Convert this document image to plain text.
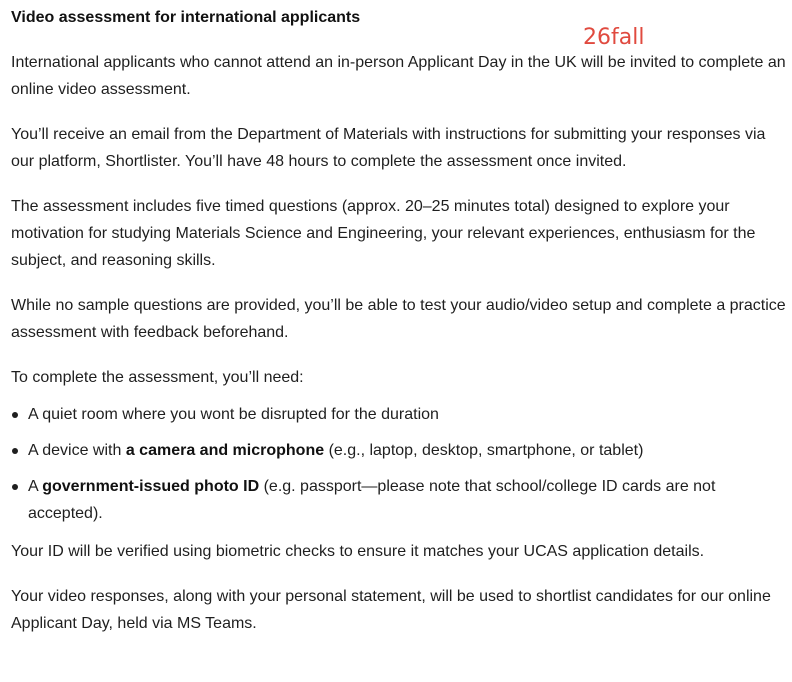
Video assessment for international applicants

International applicants who cannot attend an in-person Applicant Day in the UK will be invited to complete an online video assessment.

You’ll receive an email from the Department of Materials with instructions for submitting your responses via our platform, Shortlister. You’ll have 48 hours to complete the assessment once invited.

The assessment includes five timed questions (approx. 20–25 minutes total) designed to explore your motivation for studying Materials Science and Engineering, your relevant experiences, enthusiasm for the subject, and reasoning skills.

While no sample questions are provided, you’ll be able to test your audio/video setup and complete a practice assessment with feedback beforehand.

To complete the assessment, you’ll need:

A quiet room where you wont be disrupted for the duration
A device with a camera and microphone (e.g., laptop, desktop, smartphone, or tablet)
A government-issued photo ID (e.g. passport—please note that school/college ID cards are not accepted).

Your ID will be verified using biometric checks to ensure it matches your UCAS application details.

Your video responses, along with your personal statement, will be used to shortlist candidates for our online Applicant Day, held via MS Teams.

26fall
